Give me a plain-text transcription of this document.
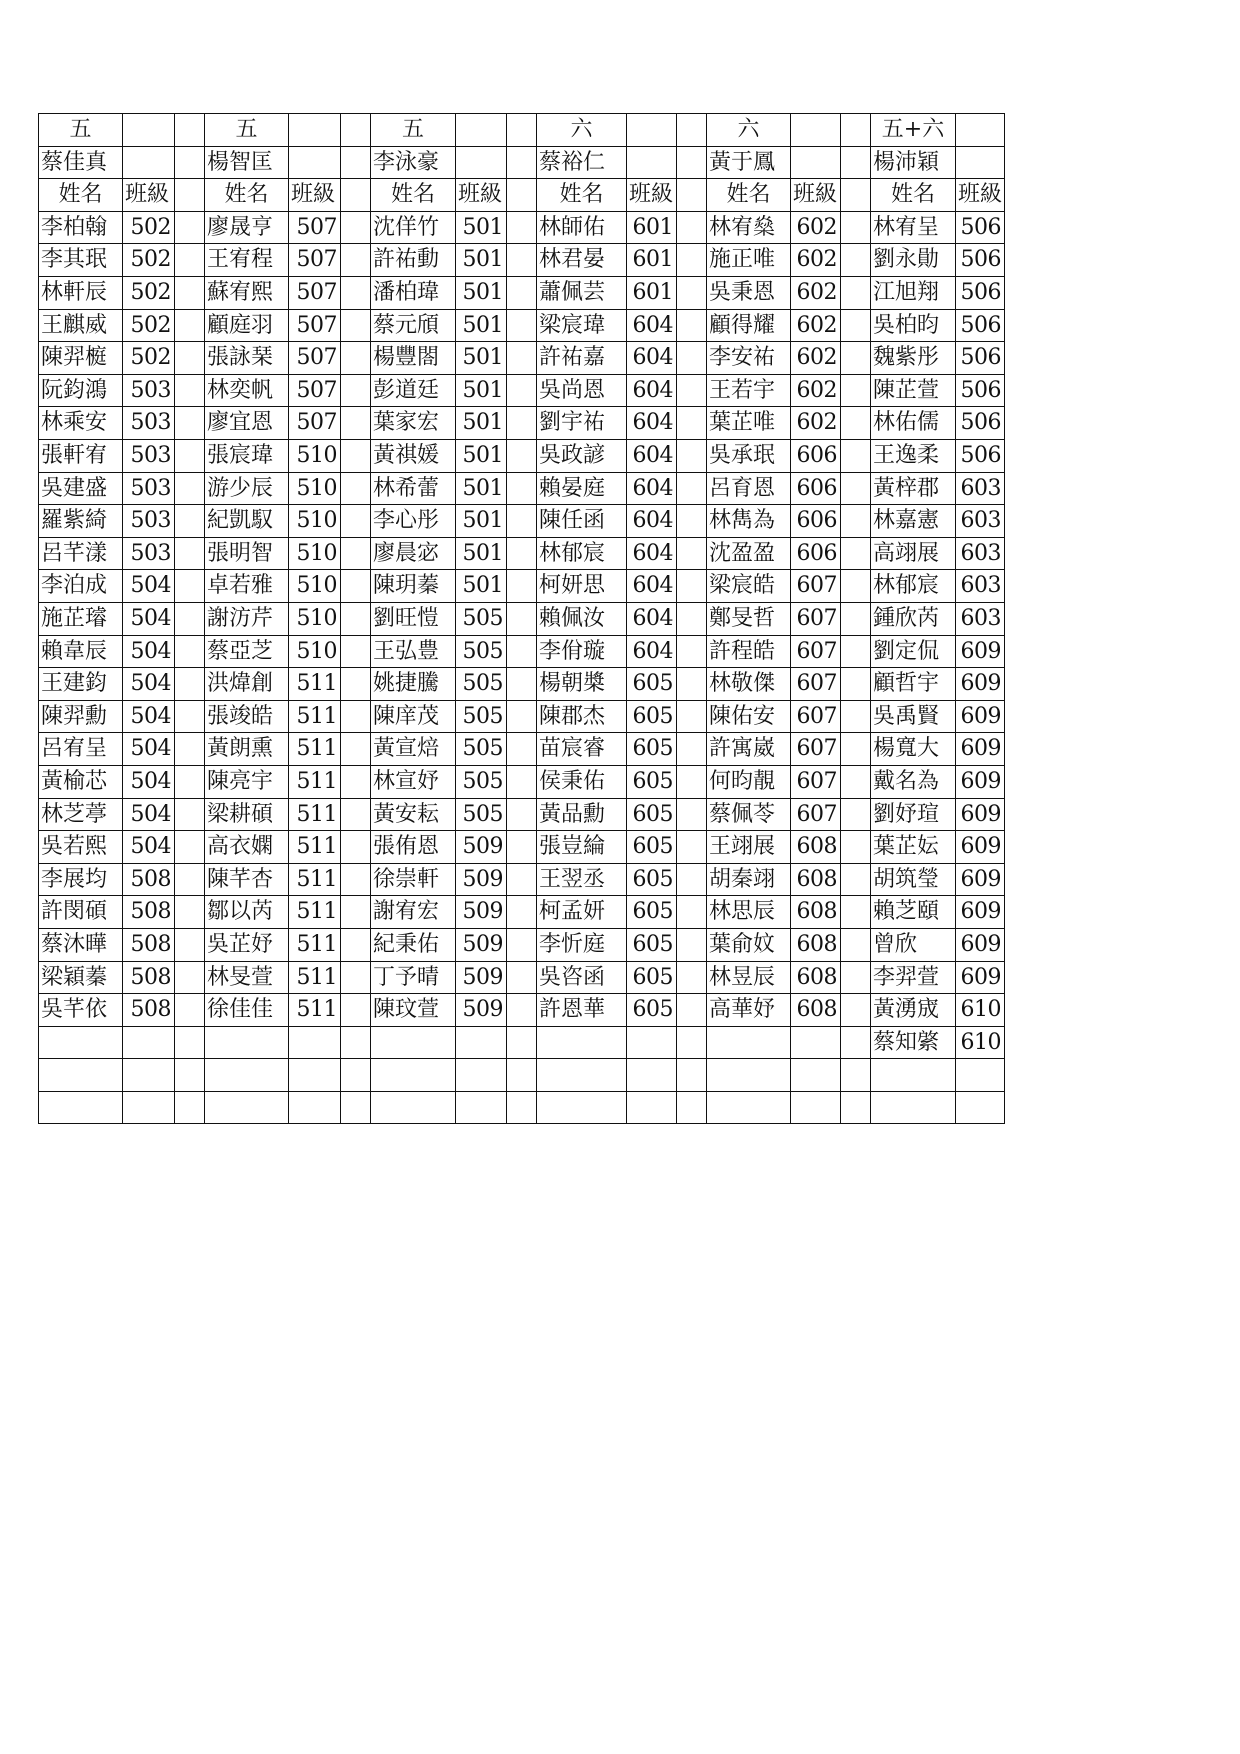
五	五	五	六	六	五+六
蔡佳真	楊智匡	李泳豪	蔡裕仁	黃于鳳	楊沛穎
姓名	班級	姓名	班級	姓名	班級	姓名	班級	姓名	班級	姓名	班級
李柏翰	502 廖晟亨	507 沈佯竹	501 林師佑	601 林宥燊 602 林宥呈 506
李其珉	502 王宥程	507 許祐動	501 林君晏	601 施正唯 602 劉永勛 506
林軒辰	502 蘇宥熙	507 潘柏瑋	501 蕭佩芸	601 吳秉恩 602 江旭翔 506
王麒威	502 顧庭羽	507 蔡元頎	501 梁宸瑋	604 顧得耀 602 吳柏昀 506
陳羿榳	502 張詠琹	507 楊豐閤	501 許祐嘉	604 李安祐 602 魏紫彤 506
阮鈞鴻	503 林奕帆	507 彭道廷	501 吳尚恩	604 王若宇 602 陳芷萱 506
林乘安	503 廖宜恩	507 葉家宏	501 劉宇祐	604 葉芷唯 602 林佑儒 506
張軒宥	503 張宸瑋	510 黃祺媛	501 吳政諺	604 吳承珉 606 王逸柔 506
吳建盛	503 游少辰	510 林希蕾	501 賴晏庭	604 呂育恩 606 黃梓郡 603
羅紫綺	503 紀凱馭	510 李心彤	501 陳任函	604 林雋為 606 林嘉憲 603
呂芊漾	503 張明智	510 廖晨宓	501 林郁宸	604 沈盈盈 606 高翊展 603
李泊成	504 卓若雅	510 陳玥蓁	501 柯妍思	604 梁宸皓 607 林郁宸 603
施芷璿	504 謝汸芹	510 劉旺愷	505 賴佩汝	604 鄭旻哲 607 鍾欣芮 603
賴韋辰	504 蔡亞芝	510 王弘豊	505 李佾璇	604 許程皓 607 劉定侃 609
王建鈞	504 洪煒創	511 姚捷騰	505 楊朝槳	605 林敬傑 607 顧哲宇 609
陳羿勳	504 張竣皓	511 陳庠茂	505 陳郡杰	605 陳佑安 607 吳禹賢 609
呂宥呈	504 黃朗熏	511 黃宣焙	505 苗宸睿	605 許寓崴 607 楊寬大 609
黃榆芯	504 陳亮宇	511 林宣妤	505 侯秉佑	605 何昀靚 607 戴名為 609
林芝葶	504 梁耕碩	511 黃安耘	505 黃品勳	605 蔡佩苓 607 劉妤瑄 609
吳若熙	504 高衣嫻	511 張侑恩	509 張豈綸	605 王翊展 608 葉芷妘 609
李展均	508 陳芊杏	511 徐崇軒	509 王翌丞	605 胡秦翊 608 胡筑瑩 609
許閔碩	508 鄒以芮	511 謝宥宏	509 柯孟妍	605 林思辰 608 賴芝頤 609
蔡沐曄	508 吳芷妤	511 紀秉佑	509 李忻庭	605 葉俞妏 608 曾欣	609
梁穎蓁	508 林旻萱	511 丁予晴	509 吳咨函	605 林昱辰 608 李羿萱 609
吳芊依	508 徐佳佳	511 陳玟萱	509 許恩華	605 高華妤 608 黃湧宬 610
蔡知綮 610
